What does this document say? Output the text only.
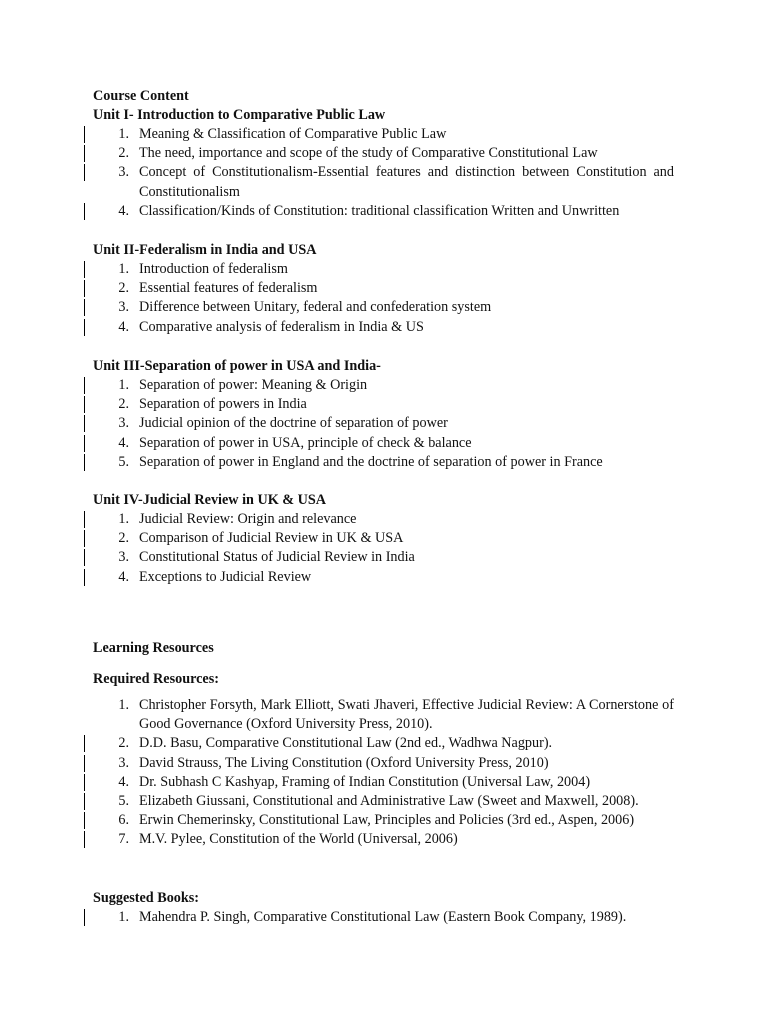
Course Content
Unit I- Introduction to Comparative Public Law
1. Meaning & Classification of Comparative Public Law
2. The need, importance and scope of the study of Comparative Constitutional Law
3. Concept of Constitutionalism-Essential features and distinction between Constitution and Constitutionalism
4. Classification/Kinds of Constitution: traditional classification Written and Unwritten
Unit II-Federalism in India and USA
1. Introduction of federalism
2. Essential features of federalism
3. Difference between Unitary, federal and confederation system
4. Comparative analysis of federalism in India & US
Unit III-Separation of power in USA and India-
1. Separation of power: Meaning & Origin
2. Separation of powers in India
3. Judicial opinion of the doctrine of separation of power
4. Separation of power in USA, principle of check & balance
5. Separation of power in England and the doctrine of separation of power in France
Unit IV-Judicial Review in UK & USA
1. Judicial Review: Origin and relevance
2. Comparison of Judicial Review in UK & USA
3. Constitutional Status of Judicial Review in India
4. Exceptions to Judicial Review
Learning Resources
Required Resources:
1. Christopher Forsyth, Mark Elliott, Swati Jhaveri, Effective Judicial Review: A Cornerstone of Good Governance (Oxford University Press, 2010).
2. D.D. Basu, Comparative Constitutional Law (2nd ed., Wadhwa Nagpur).
3. David Strauss, The Living Constitution (Oxford University Press, 2010)
4. Dr. Subhash C Kashyap, Framing of Indian Constitution (Universal Law, 2004)
5. Elizabeth Giussani, Constitutional and Administrative Law (Sweet and Maxwell, 2008).
6. Erwin Chemerinsky, Constitutional Law, Principles and Policies (3rd ed., Aspen, 2006)
7. M.V. Pylee, Constitution of the World (Universal, 2006)
Suggested Books:
1. Mahendra P. Singh, Comparative Constitutional Law (Eastern Book Company, 1989).
